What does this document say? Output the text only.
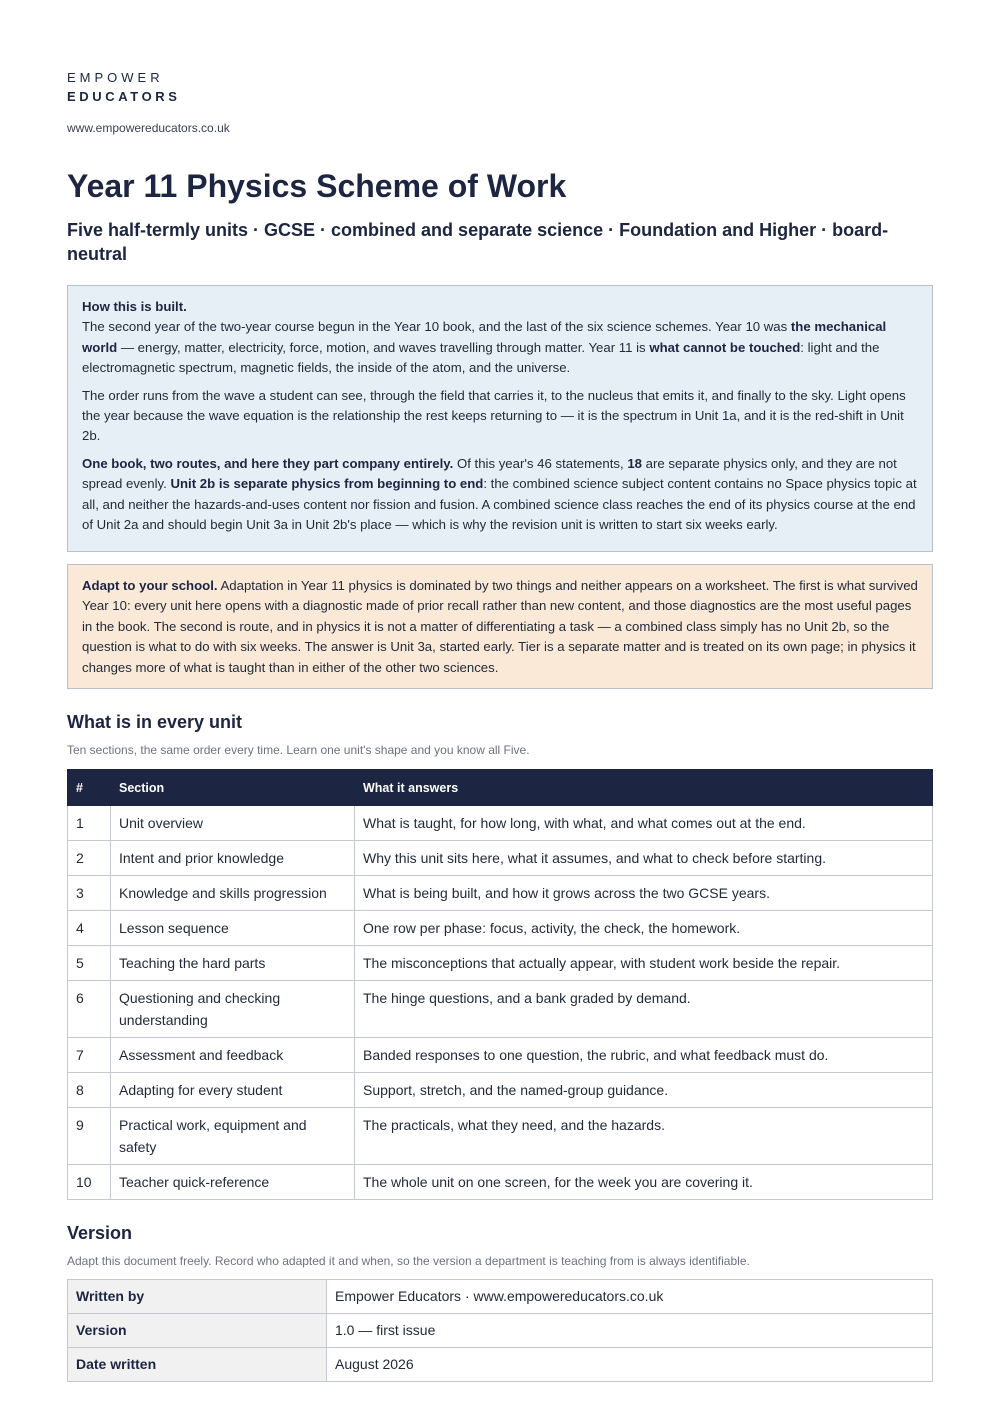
EMPOWER
EDUCATORS
www.empowereducators.co.uk
Year 11 Physics Scheme of Work
Five half-termly units · GCSE · combined and separate science · Foundation and Higher · board-neutral

How this is built.
The second year of the two-year course begun in the Year 10 book, and the last of the six science schemes. Year 10 was the mechanical world — energy, matter, electricity, force, motion, and waves travelling through matter. Year 11 is what cannot be touched: light and the electromagnetic spectrum, magnetic fields, the inside of the atom, and the universe.

The order runs from the wave a student can see, through the field that carries it, to the nucleus that emits it, and finally to the sky. Light opens the year because the wave equation is the relationship the rest keeps returning to — it is the spectrum in Unit 1a, and it is the red-shift in Unit 2b.

One book, two routes, and here they part company entirely. Of this year's 46 statements, 18 are separate physics only, and they are not spread evenly. Unit 2b is separate physics from beginning to end: the combined science subject content contains no Space physics topic at all, and neither the hazards-and-uses content nor fission and fusion. A combined science class reaches the end of its physics course at the end of Unit 2a and should begin Unit 3a in Unit 2b's place — which is why the revision unit is written to start six weeks early.

Adapt to your school. Adaptation in Year 11 physics is dominated by two things and neither appears on a worksheet. The first is what survived Year 10: every unit here opens with a diagnostic made of prior recall rather than new content, and those diagnostics are the most useful pages in the book. The second is route, and in physics it is not a matter of differentiating a task — a combined class simply has no Unit 2b, so the question is what to do with six weeks. The answer is Unit 3a, started early. Tier is a separate matter and is treated on its own page; in physics it changes more of what is taught than in either of the other two sciences.

What is in every unit
Ten sections, the same order every time. Learn one unit's shape and you know all Five.
#	Section	What it answers
1	Unit overview	What is taught, for how long, with what, and what comes out at the end.
2	Intent and prior knowledge	Why this unit sits here, what it assumes, and what to check before starting.
3	Knowledge and skills progression	What is being built, and how it grows across the two GCSE years.
4	Lesson sequence	One row per phase: focus, activity, the check, the homework.
5	Teaching the hard parts	The misconceptions that actually appear, with student work beside the repair.
6	Questioning and checking understanding	The hinge questions, and a bank graded by demand.
7	Assessment and feedback	Banded responses to one question, the rubric, and what feedback must do.
8	Adapting for every student	Support, stretch, and the named-group guidance.
9	Practical work, equipment and safety	The practicals, what they need, and the hazards.
10	Teacher quick-reference	The whole unit on one screen, for the week you are covering it.
Version
Adapt this document freely. Record who adapted it and when, so the version a department is teaching from is always identifiable.
Written by	Empower Educators · www.empowereducators.co.uk
Version	1.0 — first issue
Date written	August 2026
